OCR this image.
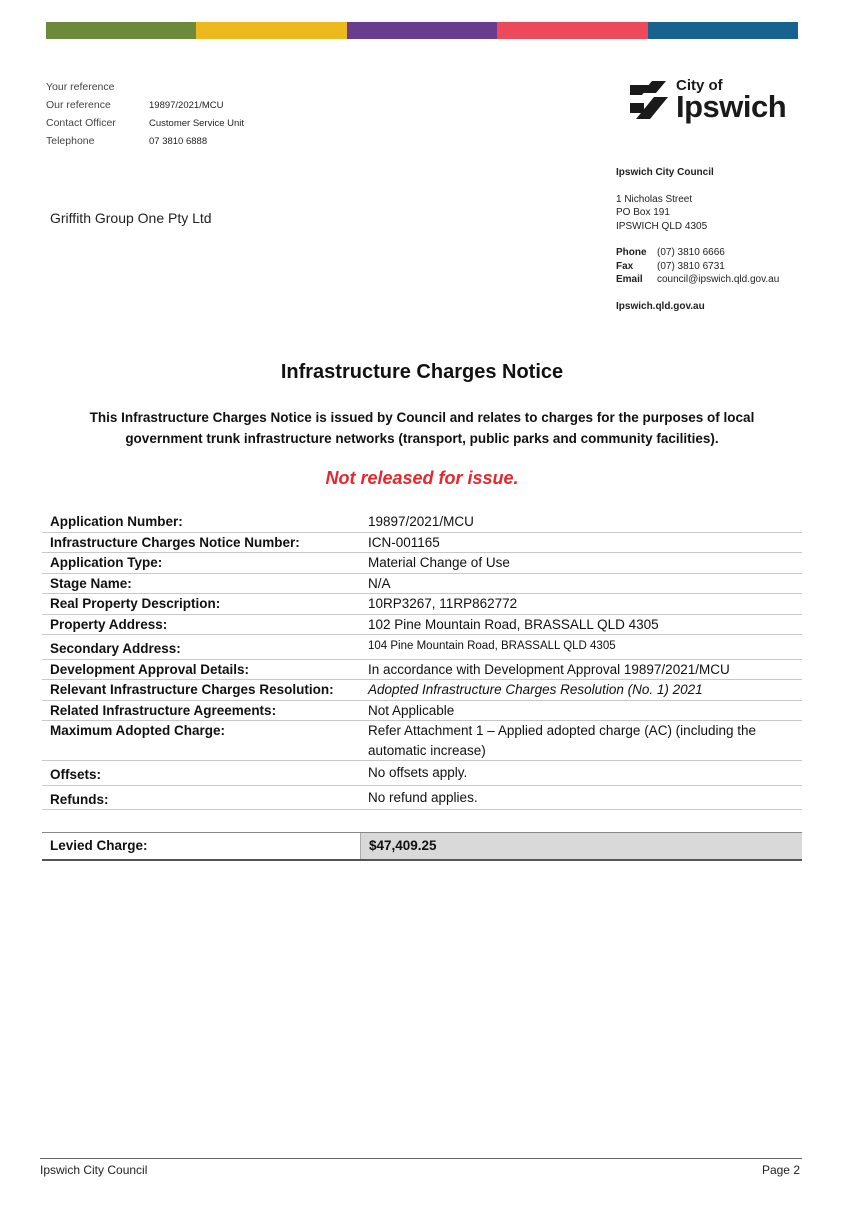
Your reference
Our reference	19897/2021/MCU
Contact Officer	Customer Service Unit
Telephone	07 3810 6888
City of
Ipswich
Ipswich City Council
1 Nicholas Street
PO Box 191
IPSWICH QLD 4305
Phone	(07) 3810 6666
Fax	(07) 3810 6731
Email	council@ipswich.qld.gov.au
Ipswich.qld.gov.au
Griffith Group One Pty Ltd
Infrastructure Charges Notice
This Infrastructure Charges Notice is issued by Council and relates to charges for the purposes of local government trunk infrastructure networks (transport, public parks and community facilities).
Not released for issue.
Application Number:	19897/2021/MCU
Infrastructure Charges Notice Number:	ICN-001165
Application Type:	Material Change of Use
Stage Name:	N/A
Real Property Description:	10RP3267, 11RP862772
Property Address:	102 Pine Mountain Road, BRASSALL QLD 4305
Secondary Address:	104 Pine Mountain Road, BRASSALL QLD 4305
Development Approval Details:	In accordance with Development Approval 19897/2021/MCU
Relevant Infrastructure Charges Resolution:	Adopted Infrastructure Charges Resolution (No. 1) 2021
Related Infrastructure Agreements:	Not Applicable
Maximum Adopted Charge:	Refer Attachment 1 – Applied adopted charge (AC) (including the automatic increase)
Offsets:	No offsets apply.
Refunds:	No refund applies.
Levied Charge:	$47,409.25
Ipswich City Council	Page 2
